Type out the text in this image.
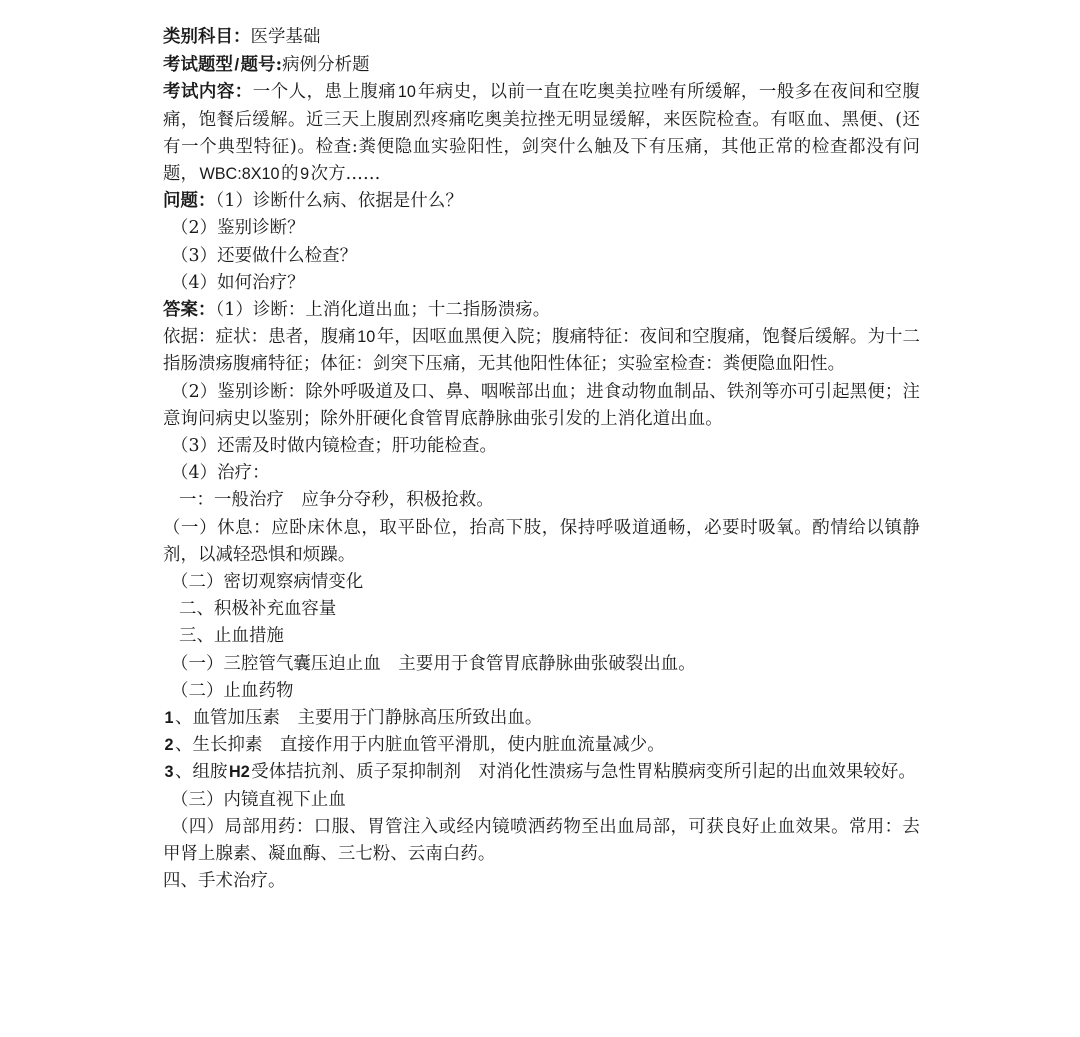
类别科目：医学基础

考试题型/题号:病例分析题

考试内容：一个人，患上腹痛10年病史，以前一直在吃奥美拉唑有所缓解，一般多在夜间和空腹痛，饱餐后缓解。近三天上腹剧烈疼痛吃奥美拉挫无明显缓解，来医院检查。有呕血、黑便、(还有一个典型特征)。检查:粪便隐血实验阳性，剑突什么触及下有压痛，其他正常的检查都没有问题，WBC:8X10的9次方……

问题：（1）诊断什么病、依据是什么？

（2）鉴别诊断？

（3）还要做什么检查？

（4）如何治疗？

答案：（1）诊断：上消化道出血；十二指肠溃疡。

依据：症状：患者，腹痛10年，因呕血黑便入院；腹痛特征：夜间和空腹痛，饱餐后缓解。为十二指肠溃疡腹痛特征；体征：剑突下压痛，无其他阳性体征；实验室检查：粪便隐血阳性。

（2）鉴别诊断：除外呼吸道及口、鼻、咽喉部出血；进食动物血制品、铁剂等亦可引起黑便；注意询问病史以鉴别；除外肝硬化食管胃底静脉曲张引发的上消化道出血。

（3）还需及时做内镜检查；肝功能检查。

（4）治疗：

一：一般治疗　应争分夺秒，积极抢救。

（一）休息：应卧床休息，取平卧位，抬高下肢，保持呼吸道通畅，必要时吸氧。酌情给以镇静剂，以减轻恐惧和烦躁。

（二）密切观察病情变化

二、积极补充血容量

三、止血措施

（一）三腔管气囊压迫止血　主要用于食管胃底静脉曲张破裂出血。

（二）止血药物

1、血管加压素　主要用于门静脉高压所致出血。

2、生长抑素　直接作用于内脏血管平滑肌，使内脏血流量减少。

3、组胺H2受体拮抗剂、质子泵抑制剂　对消化性溃疡与急性胃粘膜病变所引起的出血效果较好。

（三）内镜直视下止血

（四）局部用药：口服、胃管注入或经内镜喷洒药物至出血局部，可获良好止血效果。常用：去甲肾上腺素、凝血酶、三七粉、云南白药。

四、手术治疗。
